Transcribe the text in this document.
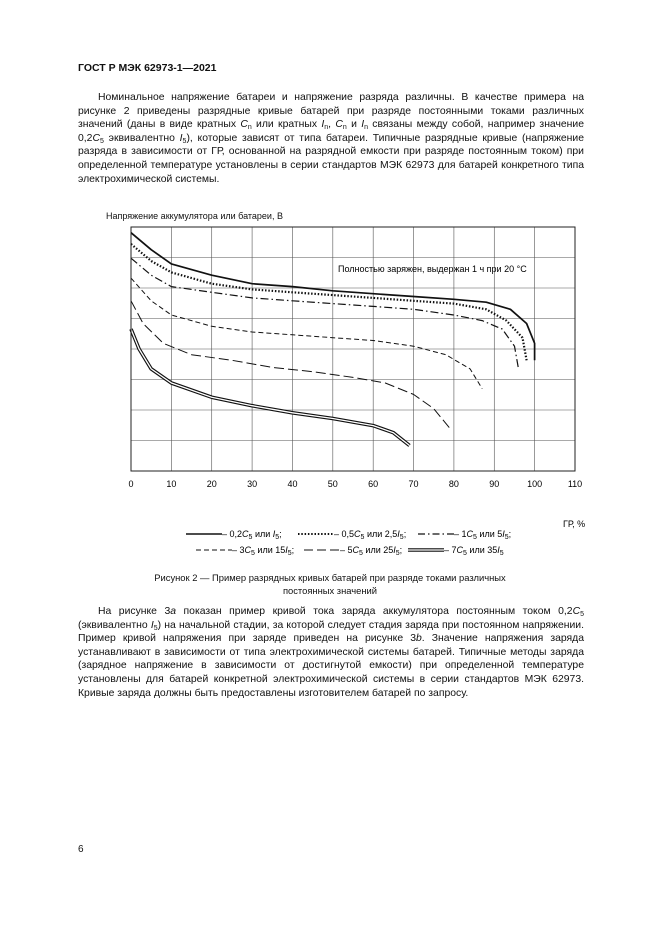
ГОСТ Р МЭК 62973-1—2021

Номинальное напряжение батареи и напряжение разряда различны. В качестве примера на рисунке 2 приведены разрядные кривые батарей при разряде постоянными токами различных значений (даны в виде кратных $C_n$ или кратных $I_n$, $C_n$ и $I_n$ связаны между собой, например значение $0,2C_5$ эквивалентно $I_5$), которые зависят от типа батареи. Типичные разрядные кривые (напряжение разряда в зависимости от ГР, основанной на разрядной емкости при разряде постоянным током) при определенной температуре установлены в серии стандартов МЭК 62973 для батарей конкретного типа электрохимической системы.

Напряжение аккумулятора или батареи, В
0	10	20	30	40	50	60	70	80	90	100	110
ГР, %
Полностью заряжен, выдержан 1 ч при 20 °С
– $0,2C_5$ или $I_5$;	– $0,5C_5$ или $2,5I_5$;	– $1C_5$ или $5I_5$;
– $3C_5$ или $15I_5$;	– $5C_5$ или $25I_5$;	– $7C_5$ или $35I_5$
Рисунок 2 — Пример разрядных кривых батарей при разряде токами различных
постоянных значений

На рисунке 3a показан пример кривой тока заряда аккумулятора постоянным током $0,2C_5$ (эквивалентно $I_5$) на начальной стадии, за которой следует стадия заряда при постоянном напряжении. Пример кривой напряжения при заряде приведен на рисунке 3b. Значение напряжения заряда устанавливают в зависимости от типа электрохимической системы батарей. Типичные методы заряда (зарядное напряжение в зависимости от достигнутой емкости) при определенной температуре установлены для батарей конкретной электрохимической системы в серии стандартов МЭК 62973. Кривые заряда должны быть предоставлены изготовителем батарей по запросу.

6
